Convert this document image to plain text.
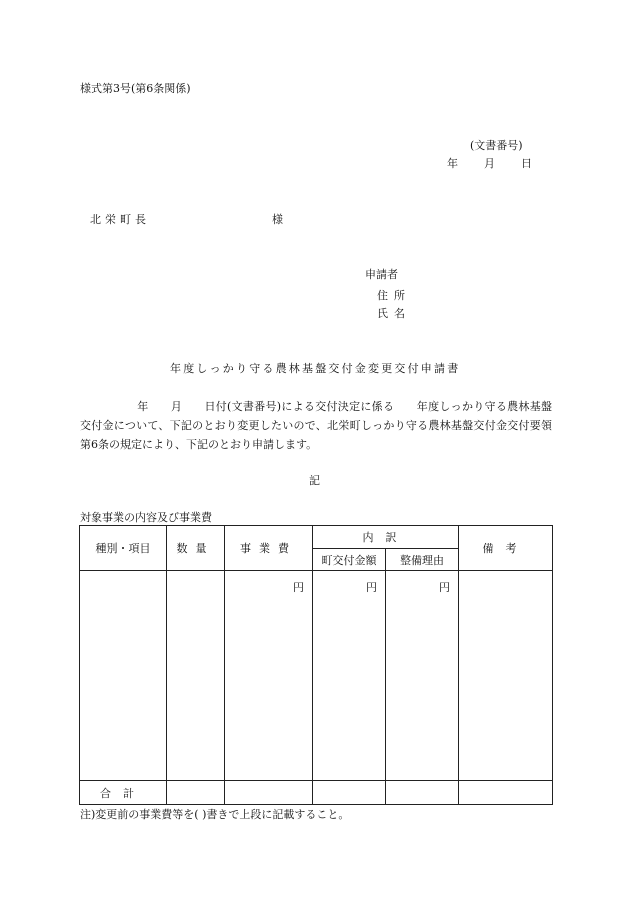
様式第3号(第6条関係)
(文書番号)
年 月 日
北栄町長	様
申請者
住所
氏名
年度しっかり守る農林基盤交付金変更交付申請書
年 月 日付(文書番号)による交付決定に係る　　年度しっかり守る農林基盤交付金について、下記のとおり変更したいので、北栄町しっかり守る農林基盤交付金交付要領第6条の規定により、下記のとおり申請します。
記
対象事業の内容及び事業費
種別・項目	数量	事業費	内訳		備考
			町交付金額	整備理由	
		円	円	円	
合計					
注)変更前の事業費等を( )書きで上段に記載すること。
